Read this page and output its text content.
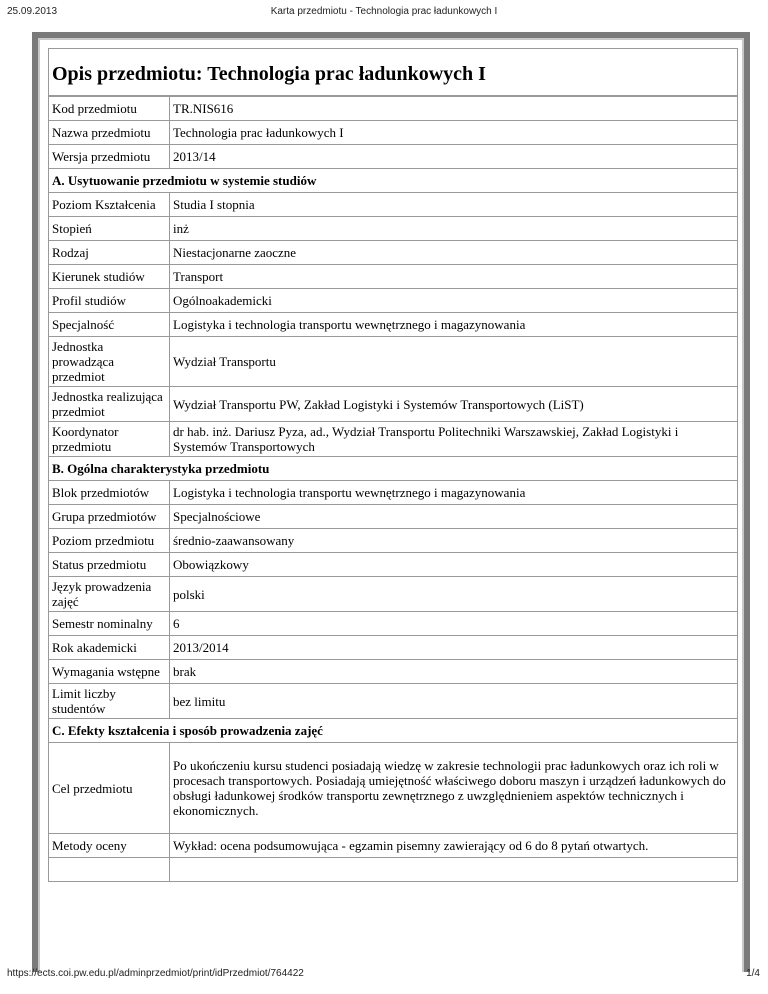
25.09.2013	Karta przedmiotu - Technologia prac ładunkowych I
Opis przedmiotu: Technologia prac ładunkowych I
Kod przedmiotu	TR.NIS616
Nazwa przedmiotu	Technologia prac ładunkowych I
Wersja przedmiotu	2013/14
A. Usytuowanie przedmiotu w systemie studiów	
Poziom Kształcenia	Studia I stopnia
Stopień	inż
Rodzaj	Niestacjonarne zaoczne
Kierunek studiów	Transport
Profil studiów	Ogólnoakademicki
Specjalność	Logistyka i technologia transportu wewnętrznego i magazynowania
Jednostka prowadząca przedmiot	Wydział Transportu
Jednostka realizująca przedmiot	Wydział Transportu PW, Zakład Logistyki i Systemów Transportowych (LiST)
Koordynator przedmiotu	dr hab. inż. Dariusz Pyza, ad., Wydział Transportu Politechniki Warszawskiej, Zakład Logistyki i Systemów Transportowych
B. Ogólna charakterystyka przedmiotu	
Blok przedmiotów	Logistyka i technologia transportu wewnętrznego i magazynowania
Grupa przedmiotów	Specjalnościowe
Poziom przedmiotu	średnio-zaawansowany
Status przedmiotu	Obowiązkowy
Język prowadzenia zajęć	polski
Semestr nominalny	6
Rok akademicki	2013/2014
Wymagania wstępne	brak
Limit liczby studentów	bez limitu
C. Efekty kształcenia i sposób prowadzenia zajęć	
Cel przedmiotu	Po ukończeniu kursu studenci posiadają wiedzę w zakresie technologii prac ładunkowych oraz ich roli w procesach transportowych. Posiadają umiejętność właściwego doboru maszyn i urządzeń ładunkowych do obsługi ładunkowej środków transportu zewnętrznego z uwzględnieniem aspektów technicznych i ekonomicznych.
Metody oceny	Wykład: ocena podsumowująca - egzamin pisemny zawierający od 6 do 8 pytań otwartych.

https://ects.coi.pw.edu.pl/adminprzedmiot/print/idPrzedmiot/764422	1/4
